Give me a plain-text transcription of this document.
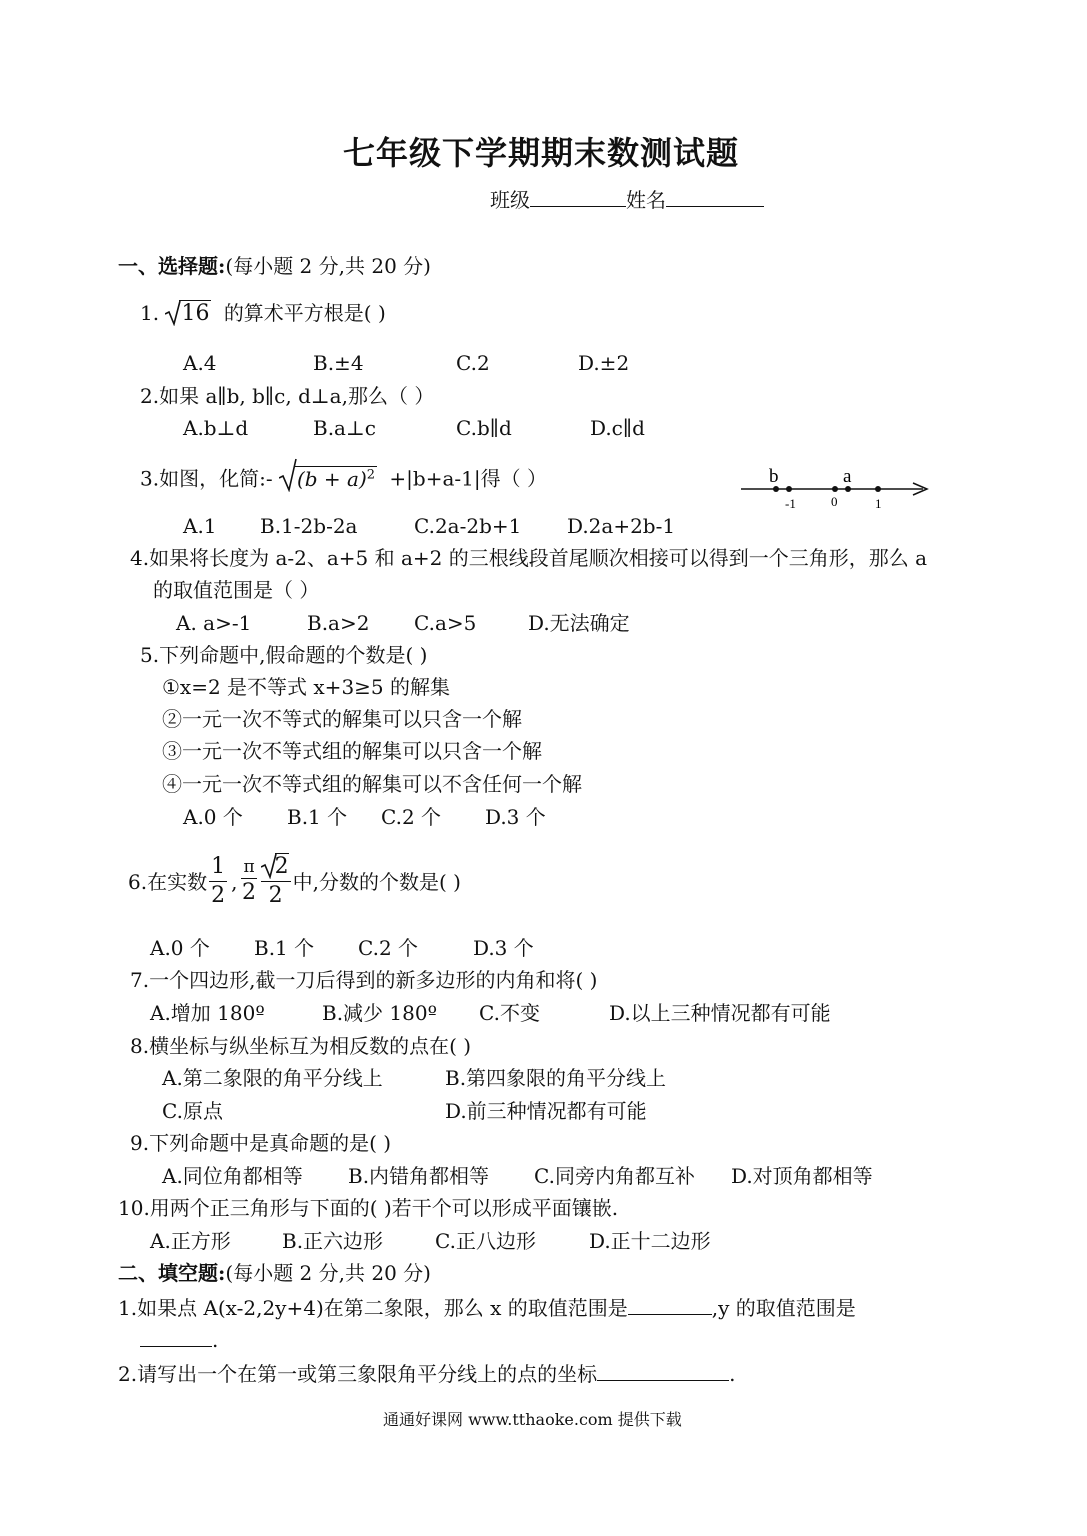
七年级下学期期末数测试题
班级	姓名
一、选择题:(每小题 2 分,共 20 分)
1. 16 的算术平方根是( )
A.4	B.±4	C.2	D.±2
2.如果 a∥b, b∥c, d⊥a,那么（ ）
A.b⊥d	B.a⊥c	C.b∥d	D.c∥d
3.如图，化简:- $(b + a)^2 +|b+a-1|$得（ ）	b	a
-1	0	1
A.1 B.1-2b-2a	C.2a-2b+1 D.2a+2b-1
4.如果将长度为 a-2、a+5 和 a+2 的三根线段首尾顺次相接可以得到一个三角形，那么 a
的取值范围是（ ）
A. a>-1	B.a>2 C.a>5	D.无法确定
5.下列命题中,假命题的个数是( )
①x=2 是不等式 x+3≥5 的解集
②一元一次不等式的解集可以只含一个解
③一元一次不等式组的解集可以只含一个解
④一元一次不等式组的解集可以不含任何一个解
A.0 个 B.1 个 C.2 个 D.3 个
6.在实数 $\frac{1}{2}$ , $\frac{\pi}{2} \frac{2}{2}$ 中,分数的个数是( )
A.0 个 B.1 个 C.2 个	D.3 个
7.一个四边形,截一刀后得到的新多边形的内角和将( )
A.增加 180º	B.减少 180º C.不变	D.以上三种情况都有可能
8.横坐标与纵坐标互为相反数的点在( )
A.第二象限的角平分线上	B.第四象限的角平分线上
C.原点	D.前三种情况都有可能
9.下列命题中是真命题的是( )
A.同位角都相等 B.内错角都相等 C.同旁内角都互补 D.对顶角都相等
10.用两个正三角形与下面的( )若干个可以形成平面镶嵌.
A.正方形	B.正六边形	C.正八边形	D.正十二边形
二、填空题:(每小题 2 分,共 20 分)
1.如果点 A(x-2,2y+4)在第二象限，那么 x 的取值范围是	,y 的取值范围是
.
2.请写出一个在第一或第三象限角平分线上的点的坐标	.
通通好课网 www.tthaoke.com 提供下载
